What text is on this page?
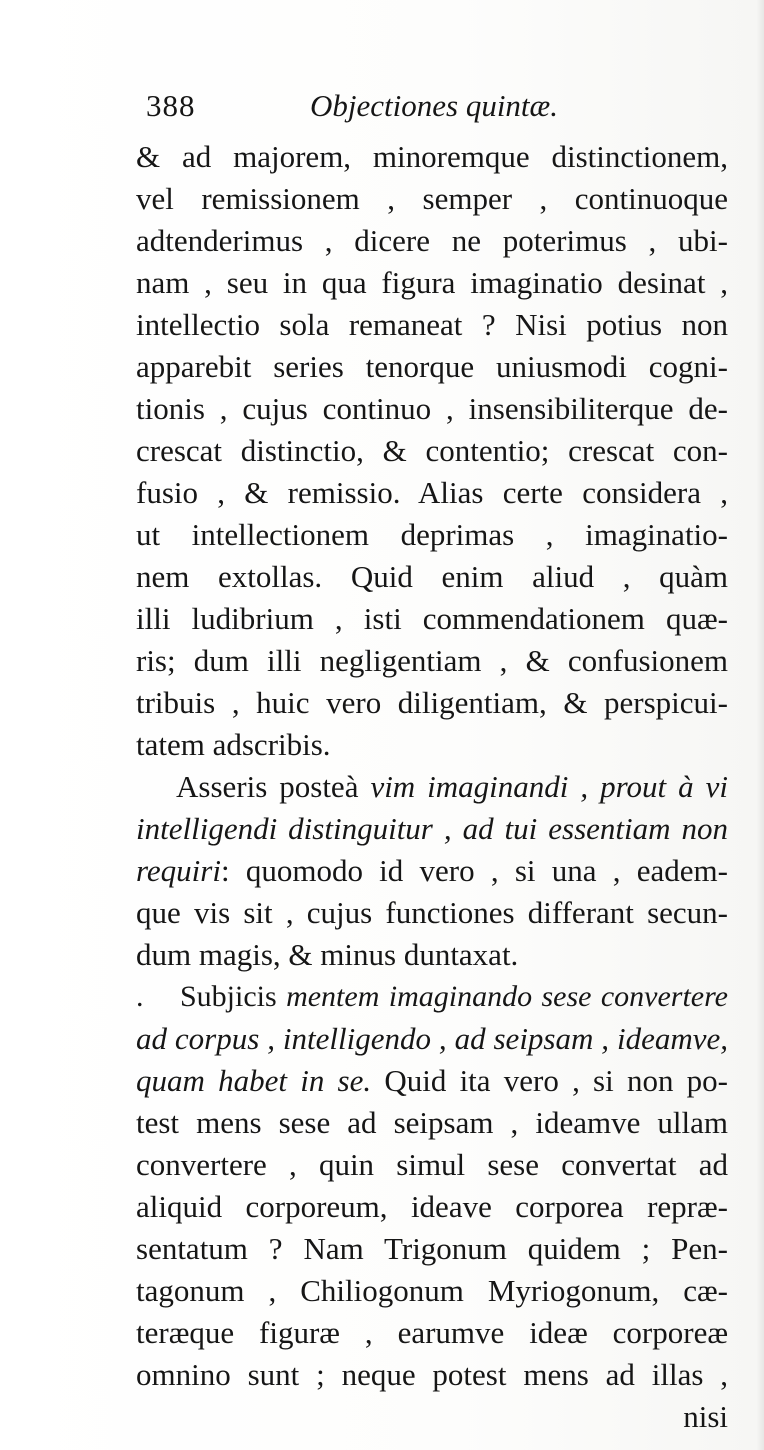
388	Objectiones quintæ.
& ad majorem, minoremque distinctionem,
vel remissionem , semper , continuoque
adtenderimus , dicere ne poterimus , ubi-
nam , seu in qua figura imaginatio desinat ,
intellectio sola remaneat ? Nisi potius non
apparebit series tenorque uniusmodi cogni-
tionis , cujus continuo , insensibiliterque de-
crescat distinctio, & contentio; crescat con-
fusio , & remissio. Alias certe considera ,
ut intellectionem deprimas , imaginatio-
nem extollas. Quid enim aliud , quàm
illi ludibrium , isti commendationem quæ-
ris; dum illi negligentiam , & confusionem
tribuis , huic vero diligentiam, & perspicui-
tatem adscribis.
Asseris posteà vim imaginandi , prout à vi
intelligendi distinguitur , ad tui essentiam non
requiri: quomodo id vero , si una , eadem-
que vis sit , cujus functiones differant secun-
dum magis, & minus duntaxat.
. Subjicis mentem imaginando sese convertere
ad corpus , intelligendo , ad seipsam , ideamve,
quam habet in se. Quid ita vero , si non po-
test mens sese ad seipsam , ideamve ullam
convertere , quin simul sese convertat ad
aliquid corporeum, ideave corporea repræ-
sentatum ? Nam Trigonum quidem ; Pen-
tagonum , Chiliogonum Myriogonum, cæ-
teræque figuræ , earumve ideæ corporeæ
omnino sunt ; neque potest mens ad illas ,
nisi
